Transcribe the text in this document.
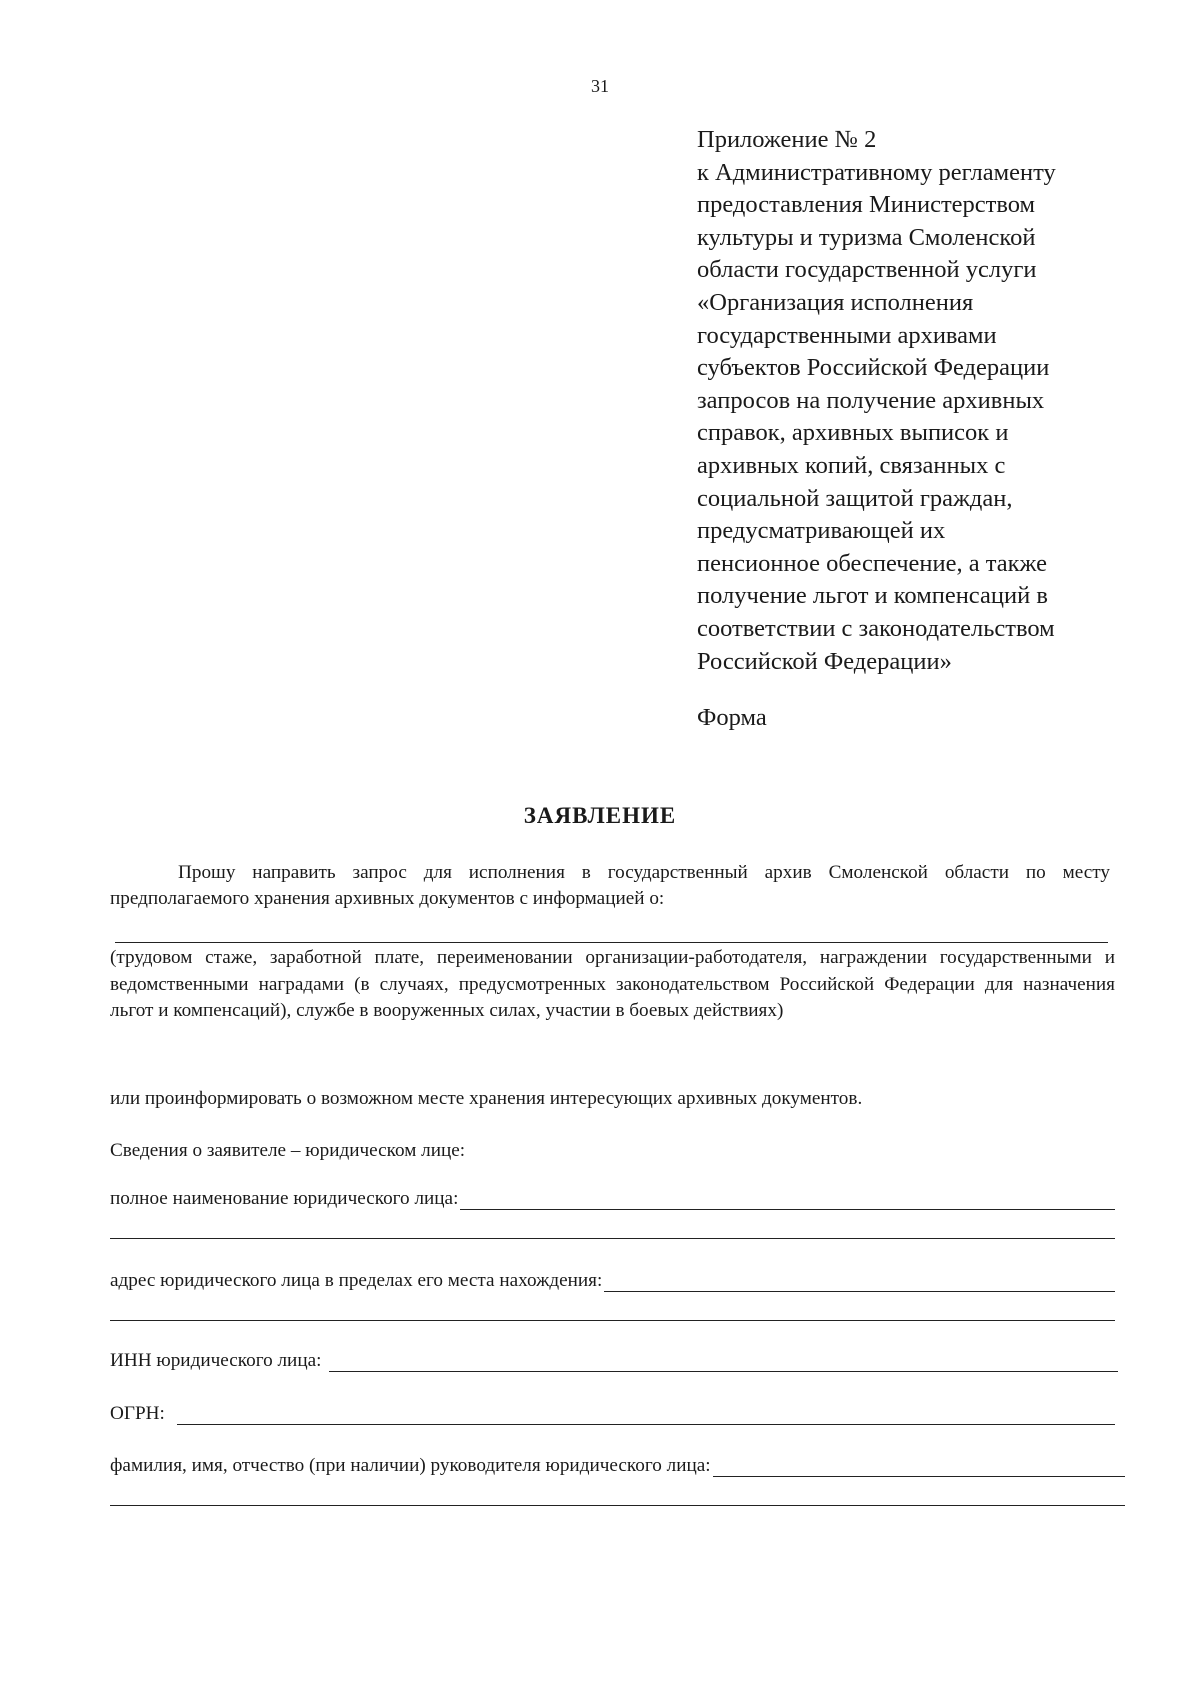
31
Приложение № 2
к Административному регламенту
предоставления Министерством
культуры и туризма Смоленской
области государственной услуги
«Организация исполнения
государственными архивами
субъектов Российской Федерации
запросов на получение архивных
справок, архивных выписок и
архивных копий, связанных с
социальной защитой граждан,
предусматривающей их
пенсионное обеспечение, а также
получение льгот и компенсаций в
соответствии с законодательством
Российской Федерации»
Форма
ЗАЯВЛЕНИЕ

Прошу направить запрос для исполнения в государственный архив Смоленской области по месту предполагаемого хранения архивных документов с информацией о:

(трудовом стаже, заработной плате, переименовании организации-работодателя, награждении государственными и ведомственными наградами (в случаях, предусмотренных законодательством Российской Федерации для назначения льгот и компенсаций), службе в вооруженных силах, участии в боевых действиях)
или проинформировать о возможном месте хранения интересующих архивных документов.
Сведения о заявителе – юридическом лице:
полное наименование юридического лица:
адрес юридического лица в пределах его места нахождения:
ИНН юридического лица:
ОГРН:
фамилия, имя, отчество (при наличии) руководителя юридического лица:
